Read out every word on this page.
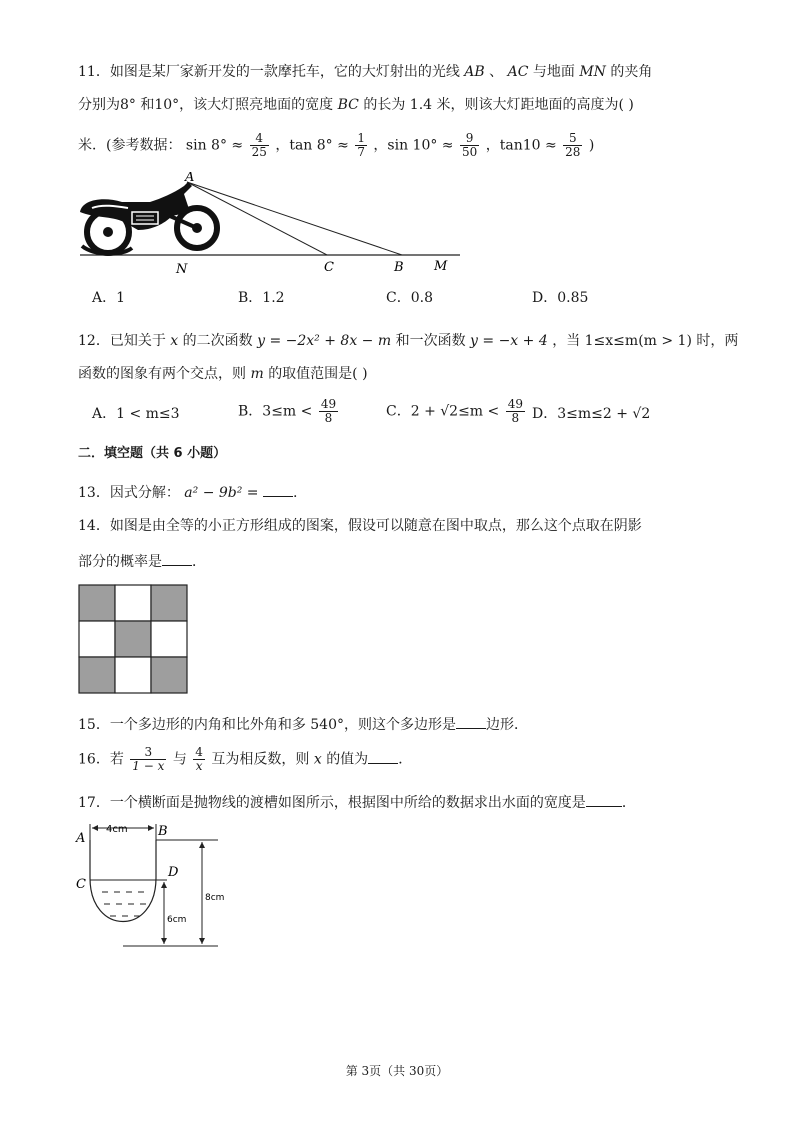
11．如图是某厂家新开发的一款摩托车，它的大灯射出的光线 AB 、 AC 与地面 MN 的夹角
分别为8° 和10°，该大灯照亮地面的宽度 BC 的长为 1.4 米，则该大灯距地面的高度为( )
米．(参考数据： $\sin 8^\circ \approx \frac{4}{25}$ ，$\tan 8^\circ \approx \frac{1}{7}$ ，$\sin 10^\circ \approx \frac{9}{50}$ ，$\tan 10 \approx \frac{5}{28}$ )
A
N	C	B M
A．1	B．1.2	C．0.8	D．0.85
12．已知关于 x 的二次函数 y = −2x² + 8x − m 和一次函数 y = −x + 4 ，当 1≤x≤m(m > 1) 时，两
函数的图象有两个交点，则 m 的取值范围是( )
A．1 < m≤3	B．$3\le m < \frac{49}{8}$	C．$2 + √2\le m < \frac{49}{8}$ D．3≤m≤2 + √2
二．填空题（共 6 小题）
13．因式分解： a² − 9b² = .
14．如图是由全等的小正方形组成的图案，假设可以随意在图中取点，那么这个点取在阴影
部分的概率是 ．
15．一个多边形的内角和比外角和多 540°，则这个多边形是 边形．
16．若 $\frac{3}{1 - x}$ 与 $\frac{4}{x}$ 互为相反数，则 x 的值为 ．
17．一个横断面是抛物线的渡槽如图所示，根据图中所给的数据求出水面的宽度是	．
A	B
C
D
4cm
8cm
6cm
第 3页（共 30页）
